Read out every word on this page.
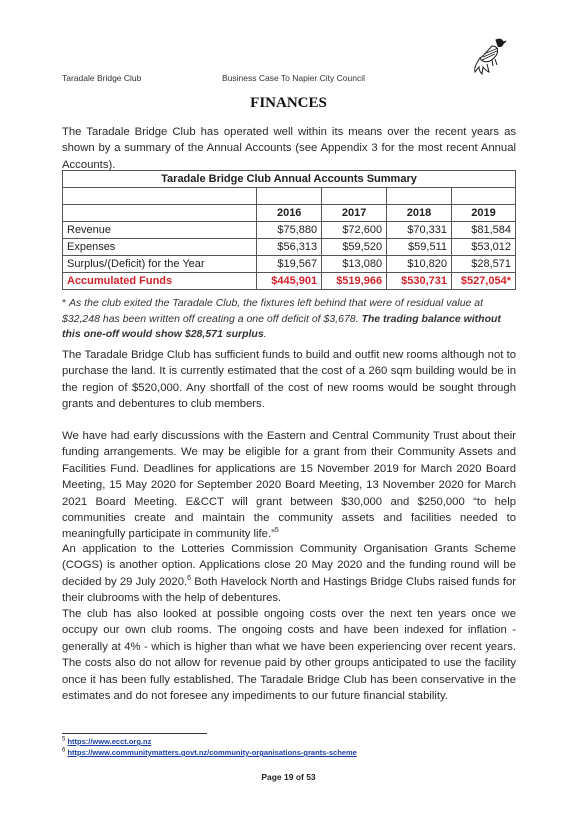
Taradale Bridge Club	Business Case To Napier City Council
FINANCES

The Taradale Bridge Club has operated well within its means over the recent years as shown by a summary of the Annual Accounts (see Appendix 3 for the most recent Annual Accounts).

Taradale Bridge Club Annual Accounts Summary				

	2016	2017	2018	2019
Revenue	$75,880	$72,600	$70,331	$81,584
Expenses	$56,313	$59,520	$59,511	$53,012
Surplus/(Deficit) for the Year	$19,567	$13,080	$10,820	$28,571
Accumulated Funds	$445,901	$519,966	$530,731	$527,054*

* As the club exited the Taradale Club, the fixtures left behind that were of residual value at $32,248 has been written off creating a one off deficit of $3,678. The trading balance without this one-off would show $28,571 surplus.

The Taradale Bridge Club has sufficient funds to build and outfit new rooms although not to purchase the land. It is currently estimated that the cost of a 260 sqm building would be in the region of $520,000. Any shortfall of the cost of new rooms would be sought through grants and debentures to club members.

We have had early discussions with the Eastern and Central Community Trust about their funding arrangements. We may be eligible for a grant from their Community Assets and Facilities Fund. Deadlines for applications are 15 November 2019 for March 2020 Board Meeting, 15 May 2020 for September 2020 Board Meeting, 13 November 2020 for March 2021 Board Meeting. E&CCT will grant between $30,000 and $250,000 “to help communities create and maintain the community assets and facilities needed to meaningfully participate in community life.”$^5$

An application to the Lotteries Commission Community Organisation Grants Scheme (COGS) is another option. Applications close 20 May 2020 and the funding round will be decided by 29 July 2020.$^6$ Both Havelock North and Hastings Bridge Clubs raised funds for their clubrooms with the help of debentures.

The club has also looked at possible ongoing costs over the next ten years once we occupy our own club rooms. The ongoing costs and have been indexed for inflation - generally at 4% - which is higher than what we have been experiencing over recent years. The costs also do not allow for revenue paid by other groups anticipated to use the facility once it has been fully established. The Taradale Bridge Club has been conservative in the estimates and do not foresee any impediments to our future financial stability.

$^5$ https://www.ecct.org.nz
$^6$ https://www.communitymatters.govt.nz/community-organisations-grants-scheme
Page 19 of 53
